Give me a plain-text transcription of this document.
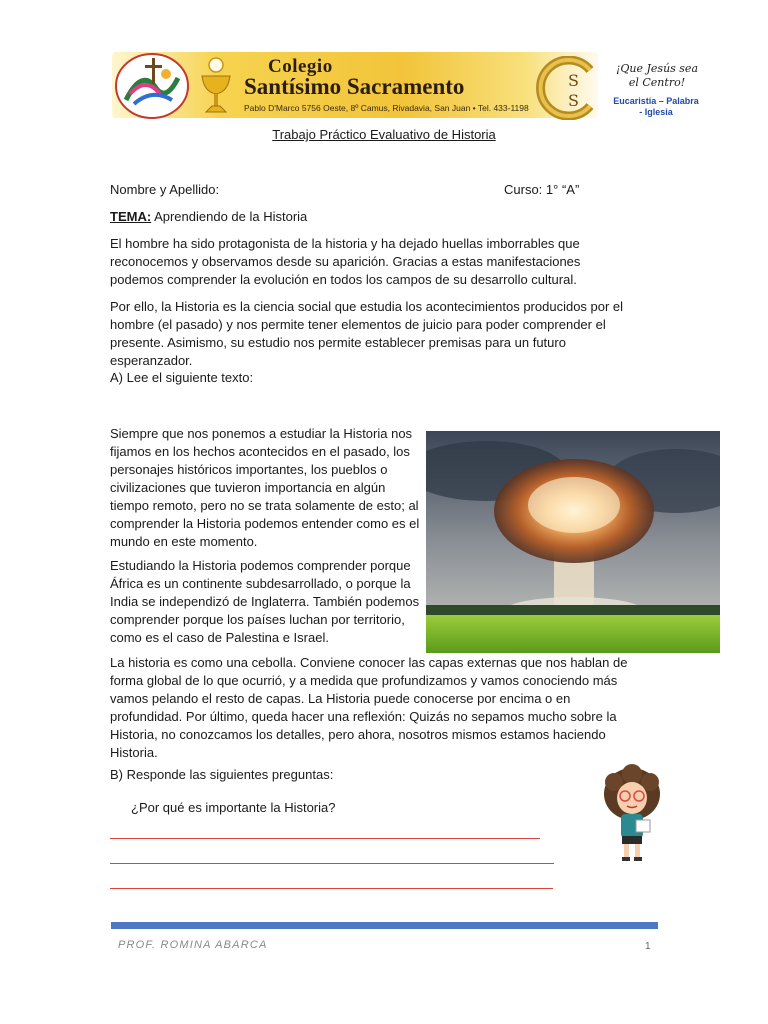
Colegio
Santísimo Sacramento
Pablo D'Marco 5756 Oeste, 8º Camus, Rivadavia, San Juan • Tel. 433-1198
S
S
¡Que Jesús sea
el Centro!
Eucaristía – Palabra
- Iglesia
Trabajo Práctico Evaluativo de Historia
Nombre y Apellido:	Curso: 1° “A”
TEMA: Aprendiendo de la Historia
El hombre ha sido protagonista de la historia y ha dejado huellas imborrables que reconocemos y observamos desde su aparición. Gracias a estas manifestaciones podemos comprender la evolución en todos los campos de su desarrollo cultural.
Por ello, la Historia es la ciencia social que estudia los acontecimientos producidos por el hombre (el pasado) y nos permite tener elementos de juicio para poder comprender el presente. Asimismo, su estudio nos permite establecer premisas para un futuro esperanzador.
A) Lee el siguiente texto:
Siempre que nos ponemos a estudiar la Historia nos fijamos en los hechos acontecidos en el pasado, los personajes históricos importantes, los pueblos o civilizaciones que tuvieron importancia en algún tiempo remoto, pero no se trata solamente de esto; al comprender la Historia podemos entender como es el mundo en este momento.
Estudiando la Historia podemos comprender porque África es un continente subdesarrollado, o porque la India se independizó de Inglaterra. También podemos comprender porque los países luchan por territorio, como es el caso de Palestina e Israel.
La historia es como una cebolla. Conviene conocer las capas externas que nos hablan de forma global de lo que ocurrió, y a medida que profundizamos y vamos conociendo más vamos pelando el resto de capas. La Historia puede conocerse por encima o en profundidad. Por último, queda hacer una reflexión: Quizás no sepamos mucho sobre la Historia, no conozcamos los detalles, pero ahora, nosotros mismos estamos haciendo Historia.
B) Responde las siguientes preguntas:
¿Por qué es importante la Historia?
PROF. ROMINA ABARCA	1
